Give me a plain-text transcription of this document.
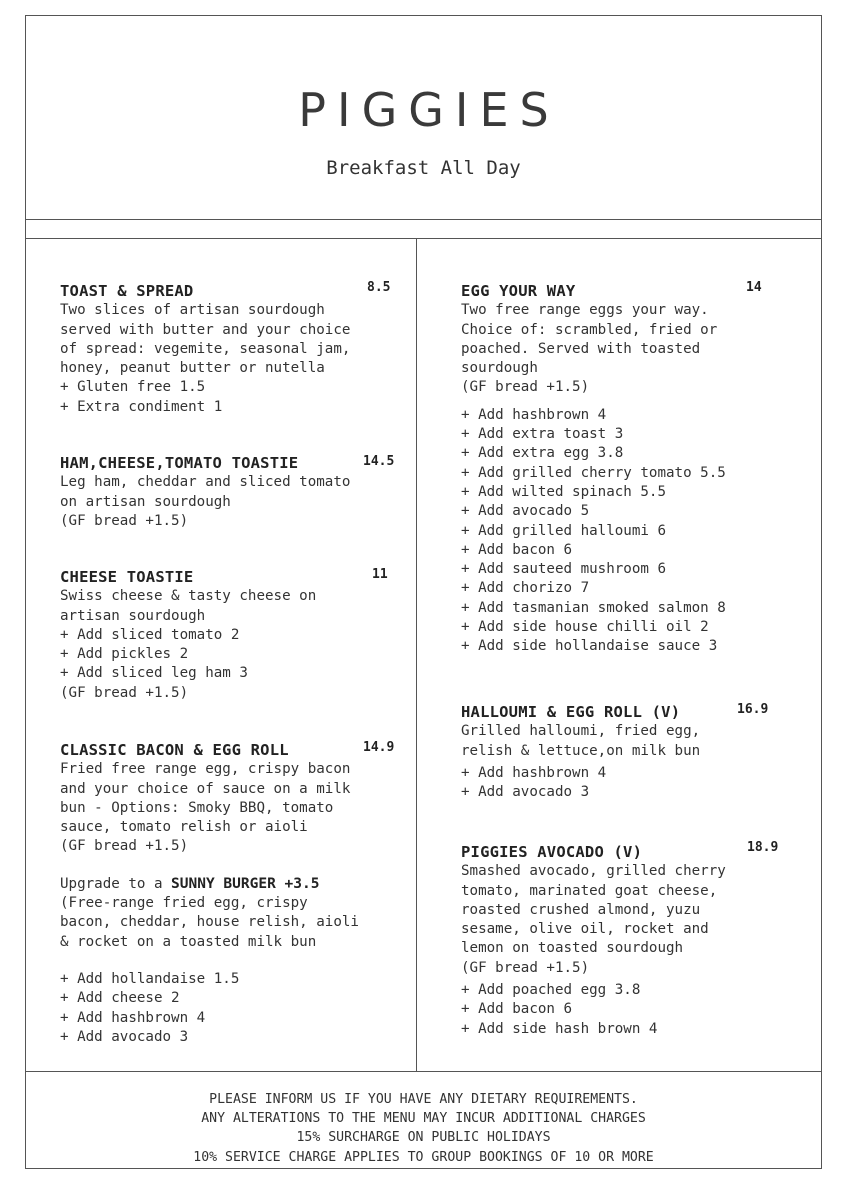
PIGGIES
Breakfast All Day
TOAST & SPREAD
Two slices of artisan sourdough
served with butter and your choice
of spread: vegemite, seasonal jam,
honey, peanut butter or nutella
+ Gluten free 1.5
+ Extra condiment 1
8.5
HAM,CHEESE,TOMATO TOASTIE
Leg ham, cheddar and sliced tomato
on artisan sourdough
(GF bread +1.5)
14.5
CHEESE TOASTIE
Swiss cheese & tasty cheese on
artisan sourdough
+ Add sliced tomato 2
+ Add pickles 2
+ Add sliced leg ham 3
(GF bread +1.5)
11
CLASSIC BACON & EGG ROLL
Fried free range egg, crispy bacon
and your choice of sauce on a milk
bun - Options: Smoky BBQ, tomato
sauce, tomato relish or aioli
(GF bread +1.5)
Upgrade to a SUNNY BURGER +3.5
(Free-range fried egg, crispy
bacon, cheddar, house relish, aioli
& rocket on a toasted milk bun
+ Add hollandaise 1.5
+ Add cheese 2
+ Add hashbrown 4
+ Add avocado 3
14.9
EGG YOUR WAY
Two free range eggs your way.
Choice of: scrambled, fried or
poached. Served with toasted
sourdough
(GF bread +1.5)
+ Add hashbrown 4
+ Add extra toast 3
+ Add extra egg 3.8
+ Add grilled cherry tomato 5.5
+ Add wilted spinach 5.5
+ Add avocado 5
+ Add grilled halloumi 6
+ Add bacon 6
+ Add sauteed mushroom 6
+ Add chorizo 7
+ Add tasmanian smoked salmon 8
+ Add side house chilli oil 2
+ Add side hollandaise sauce 3
14
HALLOUMI & EGG ROLL (V)
Grilled halloumi, fried egg,
relish & lettuce,on milk bun
+ Add hashbrown 4
+ Add avocado 3
16.9
PIGGIES AVOCADO (V)
Smashed avocado, grilled cherry
tomato, marinated goat cheese,
roasted crushed almond, yuzu
sesame, olive oil, rocket and
lemon on toasted sourdough
(GF bread +1.5)
+ Add poached egg 3.8
+ Add bacon 6
+ Add side hash brown 4
18.9
PLEASE INFORM US IF YOU HAVE ANY DIETARY REQUIREMENTS.
ANY ALTERATIONS TO THE MENU MAY INCUR ADDITIONAL CHARGES
15% SURCHARGE ON PUBLIC HOLIDAYS
10% SERVICE CHARGE APPLIES TO GROUP BOOKINGS OF 10 OR MORE
